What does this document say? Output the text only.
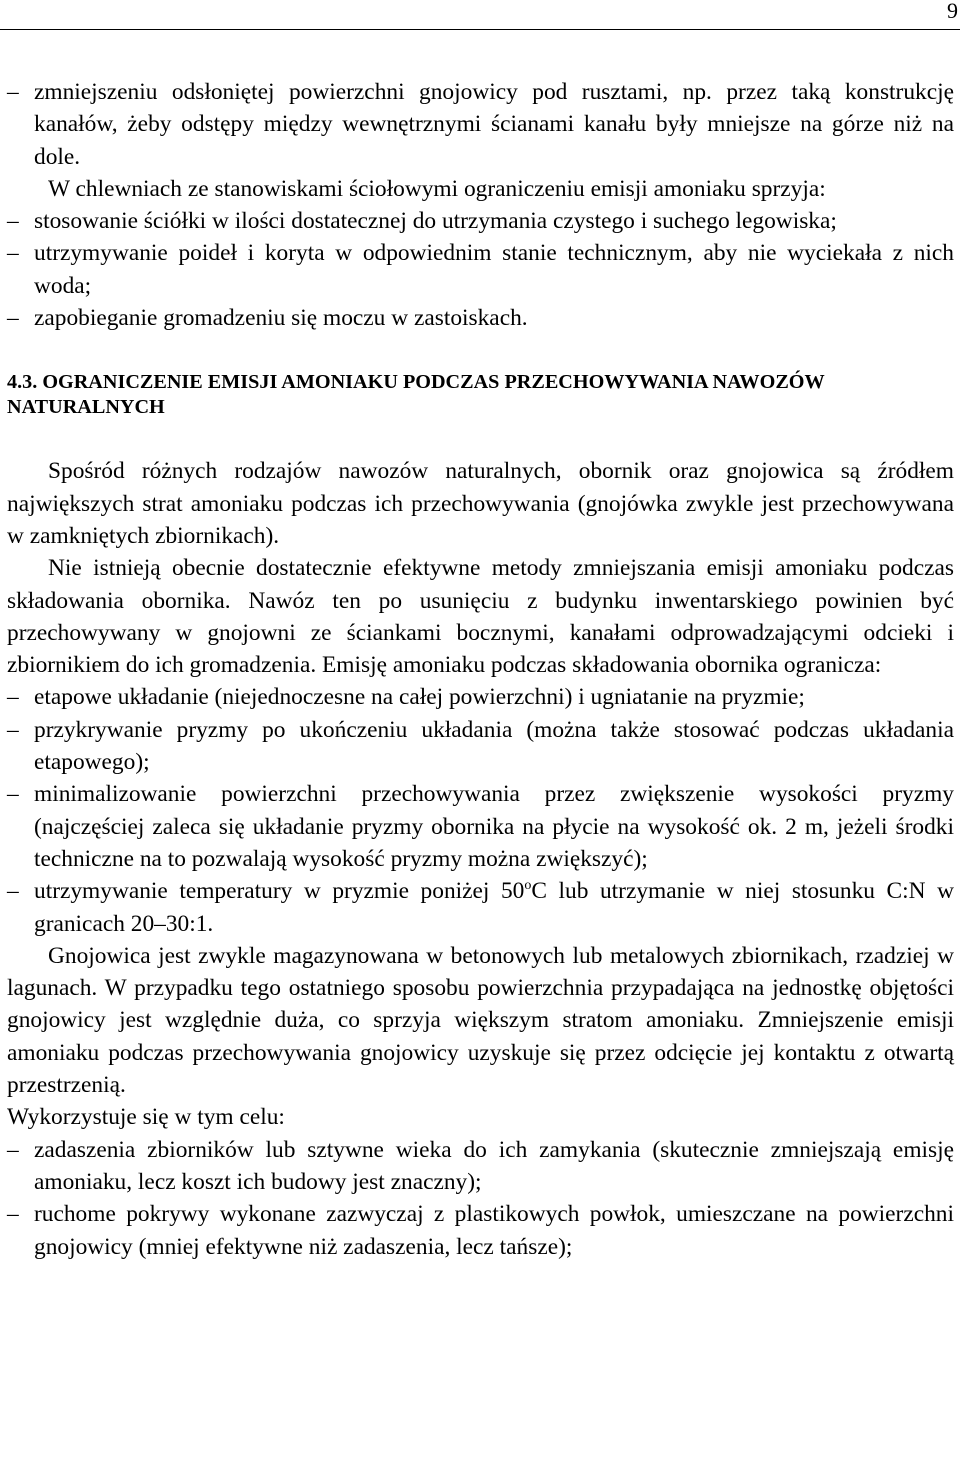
9
– zmniejszeniu odsłoniętej powierzchni gnojowicy pod rusztami, np. przez taką konstrukcję kanałów, żeby odstępy między wewnętrznymi ścianami kanału były mniejsze na górze niż na dole.
W chlewniach ze stanowiskami ściołowymi ograniczeniu emisji amoniaku sprzyja:
– stosowanie ściółki w ilości dostatecznej do utrzymania czystego i suchego legowiska;
– utrzymywanie poideł i koryta w odpowiednim stanie technicznym, aby nie wyciekała z nich woda;
– zapobieganie gromadzeniu się moczu w zastoiskach.
4.3. OGRANICZENIE EMISJI AMONIAKU PODCZAS PRZECHOWYWANIA NAWOZÓW NATURALNYCH
Spośród różnych rodzajów nawozów naturalnych, obornik oraz gnojowica są źródłem największych strat amoniaku podczas ich przechowywania (gnojówka zwykle jest przechowywana w zamkniętych zbiornikach).
Nie istnieją obecnie dostatecznie efektywne metody zmniejszania emisji amoniaku podczas składowania obornika. Nawóz ten po usunięciu z budynku inwentarskiego powinien być przechowywany w gnojowni ze ściankami bocznymi, kanałami odprowadzającymi odcieki i zbiornikiem do ich gromadzenia. Emisję amoniaku podczas składowania obornika ogranicza:
– etapowe układanie (niejednoczesne na całej powierzchni) i ugniatanie na pryzmie;
– przykrywanie pryzmy po ukończeniu układania (można także stosować podczas układania etapowego);
– minimalizowanie powierzchni przechowywania przez zwiększenie wysokości pryzmy (najczęściej zaleca się układanie pryzmy obornika na płycie na wysokość ok. 2 m, jeżeli środki techniczne na to pozwalają wysokość pryzmy można zwiększyć);
– utrzymywanie temperatury w pryzmie poniżej 50$^o$C lub utrzymanie w niej stosunku C:N w granicach 20–30:1.
Gnojowica jest zwykle magazynowana w betonowych lub metalowych zbiornikach, rzadziej w lagunach. W przypadku tego ostatniego sposobu powierzchnia przypadająca na jednostkę objętości gnojowicy jest względnie duża, co sprzyja większym stratom amoniaku. Zmniejszenie emisji amoniaku podczas przechowywania gnojowicy uzyskuje się przez odcięcie jej kontaktu z otwartą przestrzenią.
Wykorzystuje się w tym celu:
– zadaszenia zbiorników lub sztywne wieka do ich zamykania (skutecznie zmniejszają emisję amoniaku, lecz koszt ich budowy jest znaczny);
– ruchome pokrywy wykonane zazwyczaj z plastikowych powłok, umieszczane na powierzchni gnojowicy (mniej efektywne niż zadaszenia, lecz tańsze);
